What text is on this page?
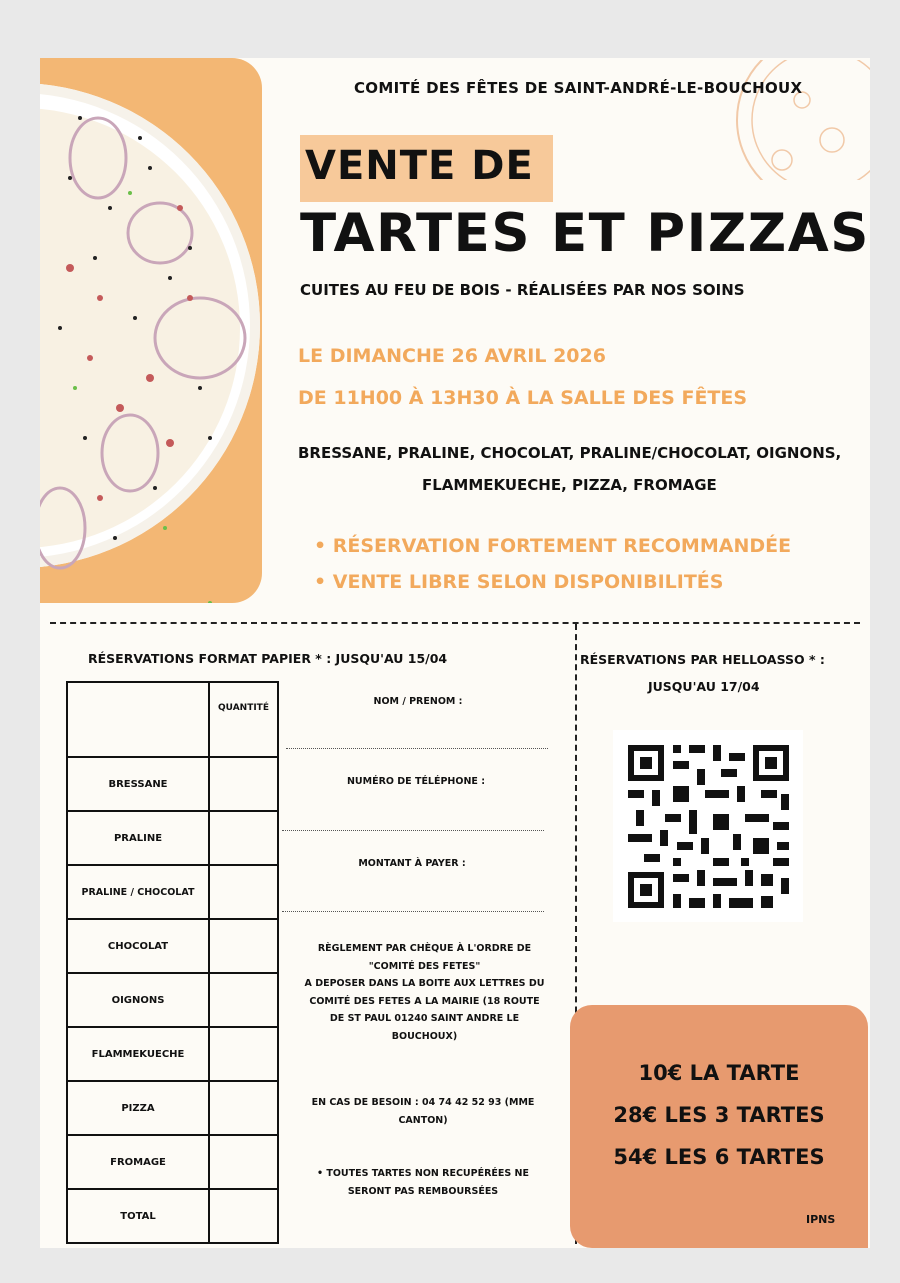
COMITÉ DES FÊTES DE SAINT-ANDRÉ-LE-BOUCHOUX
VENTE DE
TARTES ET PIZZAS
CUITES AU FEU DE BOIS - RÉALISÉES PAR NOS SOINS
LE DIMANCHE 26 AVRIL 2026
DE 11H00 À 13H30 À LA SALLE DES FÊTES
BRESSANE, PRALINE, CHOCOLAT, PRALINE/CHOCOLAT, OIGNONS,
FLAMMEKUECHE, PIZZA, FROMAGE
• RÉSERVATION FORTEMENT RECOMMANDÉE
• VENTE LIBRE SELON DISPONIBILITÉS
RÉSERVATIONS FORMAT PAPIER * : JUSQU'AU 15/04
	QUANTITÉ
BRESSANE	
PRALINE	
PRALINE / CHOCOLAT	
CHOCOLAT	
OIGNONS	
FLAMMEKUECHE	
PIZZA	
FROMAGE	
TOTAL	
NOM / PRENOM :
NUMÉRO DE TÉLÉPHONE :
MONTANT À PAYER :
RÈGLEMENT PAR CHÈQUE À L'ORDRE DE
"COMITÉ DES FETES"
A DEPOSER DANS LA BOITE AUX LETTRES DU
COMITÉ DES FETES A LA MAIRIE (18 ROUTE
DE ST PAUL 01240 SAINT ANDRE LE
BOUCHOUX)
EN CAS DE BESOIN : 04 74 42 52 93 (MME
CANTON)
• TOUTES TARTES NON RECUPÉRÉES NE
SERONT PAS REMBOURSÉES
RÉSERVATIONS PAR HELLOASSO * :
JUSQU'AU 17/04
10€ LA TARTE
28€ LES 3 TARTES
54€ LES 6 TARTES
IPNS
